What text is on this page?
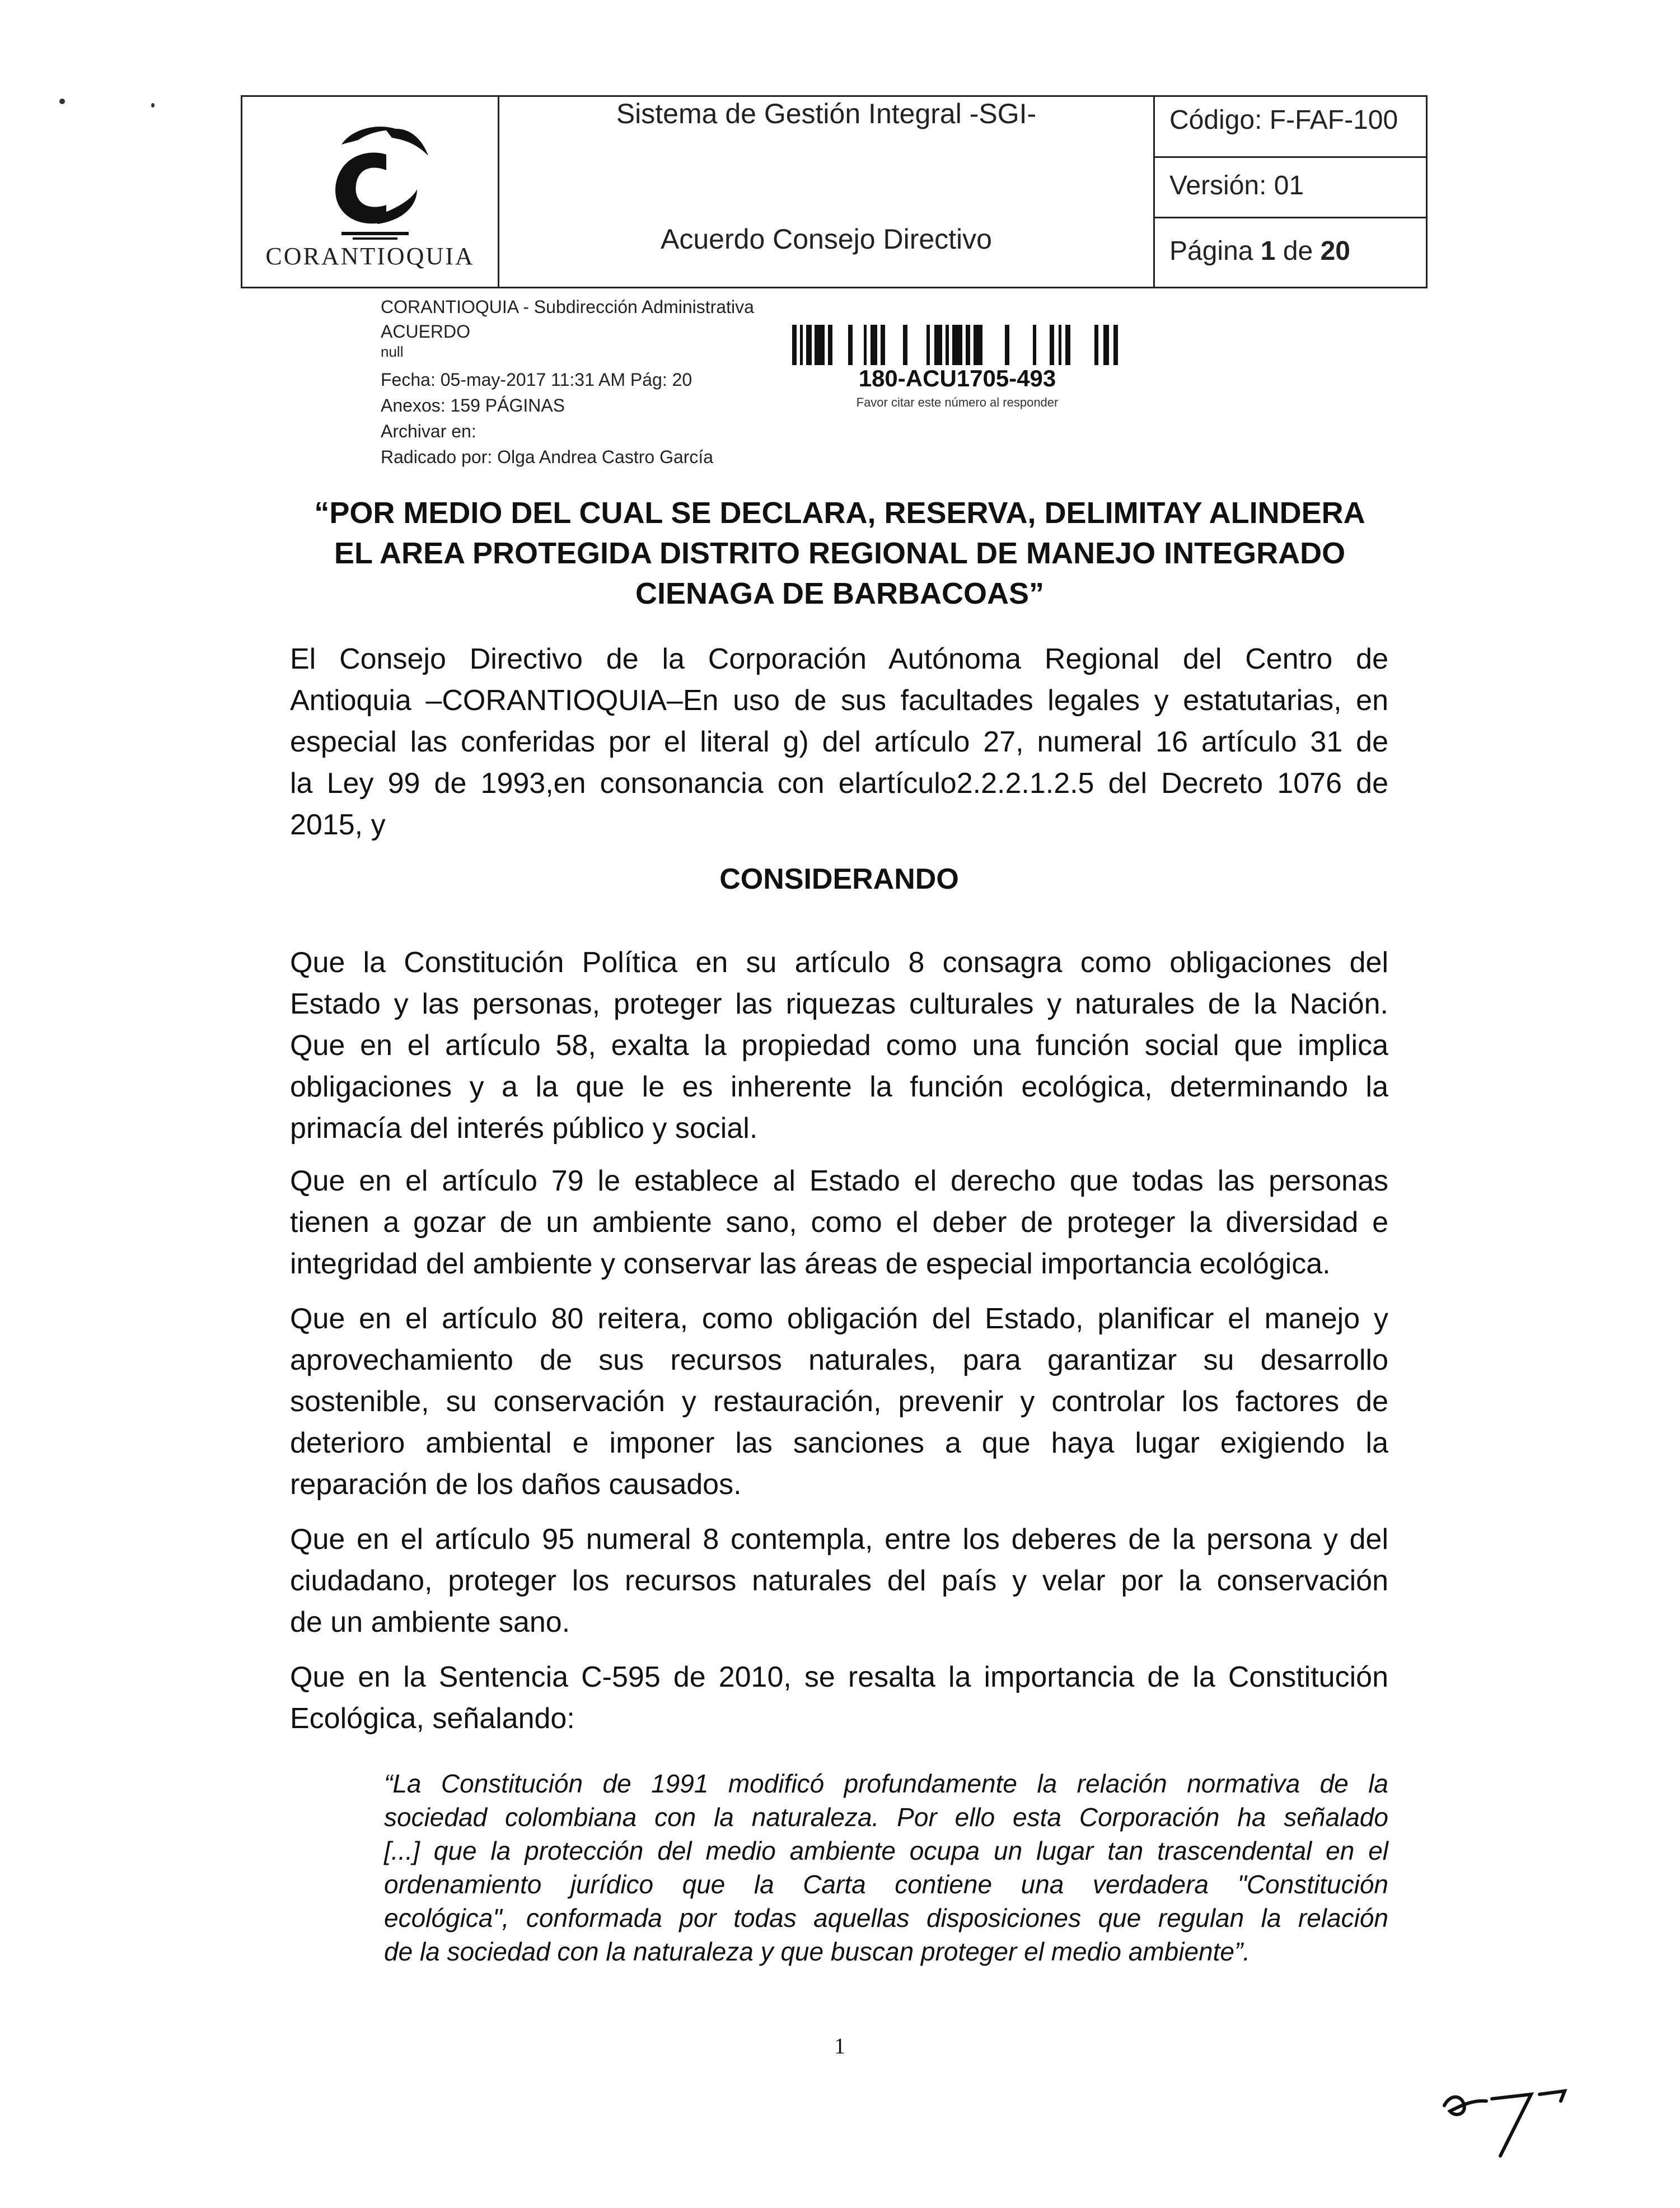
CORANTIOQUIA
Sistema de Gestión Integral -SGI-
Acuerdo Consejo Directivo
Código: F-FAF-100
Versión: 01
Página 1 de 20
CORANTIOQUIA - Subdirección Administrativa
ACUERDO
null
Fecha: 05-may-2017 11:31 AM Pág: 20
Anexos: 159 PÁGINAS
Archivar en:
Radicado por: Olga Andrea Castro García
180-ACU1705-493
Favor citar este número al responder
“POR MEDIO DEL CUAL SE DECLARA, RESERVA, DELIMITAY ALINDERA
EL AREA PROTEGIDA DISTRITO REGIONAL DE MANEJO INTEGRADO
CIENAGA DE BARBACOAS”
El Consejo Directivo de la Corporación Autónoma Regional del Centro de
Antioquia –CORANTIOQUIA–En uso de sus facultades legales y estatutarias, en
especial las conferidas por el literal g) del artículo 27, numeral 16 artículo 31 de
la Ley 99 de 1993,en consonancia con elartículo2.2.2.1.2.5 del Decreto 1076 de
2015, y
CONSIDERANDO
Que la Constitución Política en su artículo 8 consagra como obligaciones del
Estado y las personas, proteger las riquezas culturales y naturales de la Nación.
Que en el artículo 58, exalta la propiedad como una función social que implica
obligaciones y a la que le es inherente la función ecológica, determinando la
primacía del interés público y social.
Que en el artículo 79 le establece al Estado el derecho que todas las personas
tienen a gozar de un ambiente sano, como el deber de proteger la diversidad e
integridad del ambiente y conservar las áreas de especial importancia ecológica.
Que en el artículo 80 reitera, como obligación del Estado, planificar el manejo y
aprovechamiento de sus recursos naturales, para garantizar su desarrollo
sostenible, su conservación y restauración, prevenir y controlar los factores de
deterioro ambiental e imponer las sanciones a que haya lugar exigiendo la
reparación de los daños causados.
Que en el artículo 95 numeral 8 contempla, entre los deberes de la persona y del
ciudadano, proteger los recursos naturales del país y velar por la conservación
de un ambiente sano.
Que en la Sentencia C-595 de 2010, se resalta la importancia de la Constitución
Ecológica, señalando:
“La Constitución de 1991 modificó profundamente la relación normativa de la
sociedad colombiana con la naturaleza. Por ello esta Corporación ha señalado
[...] que la protección del medio ambiente ocupa un lugar tan trascendental en el
ordenamiento jurídico que la Carta contiene una verdadera "Constitución
ecológica", conformada por todas aquellas disposiciones que regulan la relación
de la sociedad con la naturaleza y que buscan proteger el medio ambiente”.
1
